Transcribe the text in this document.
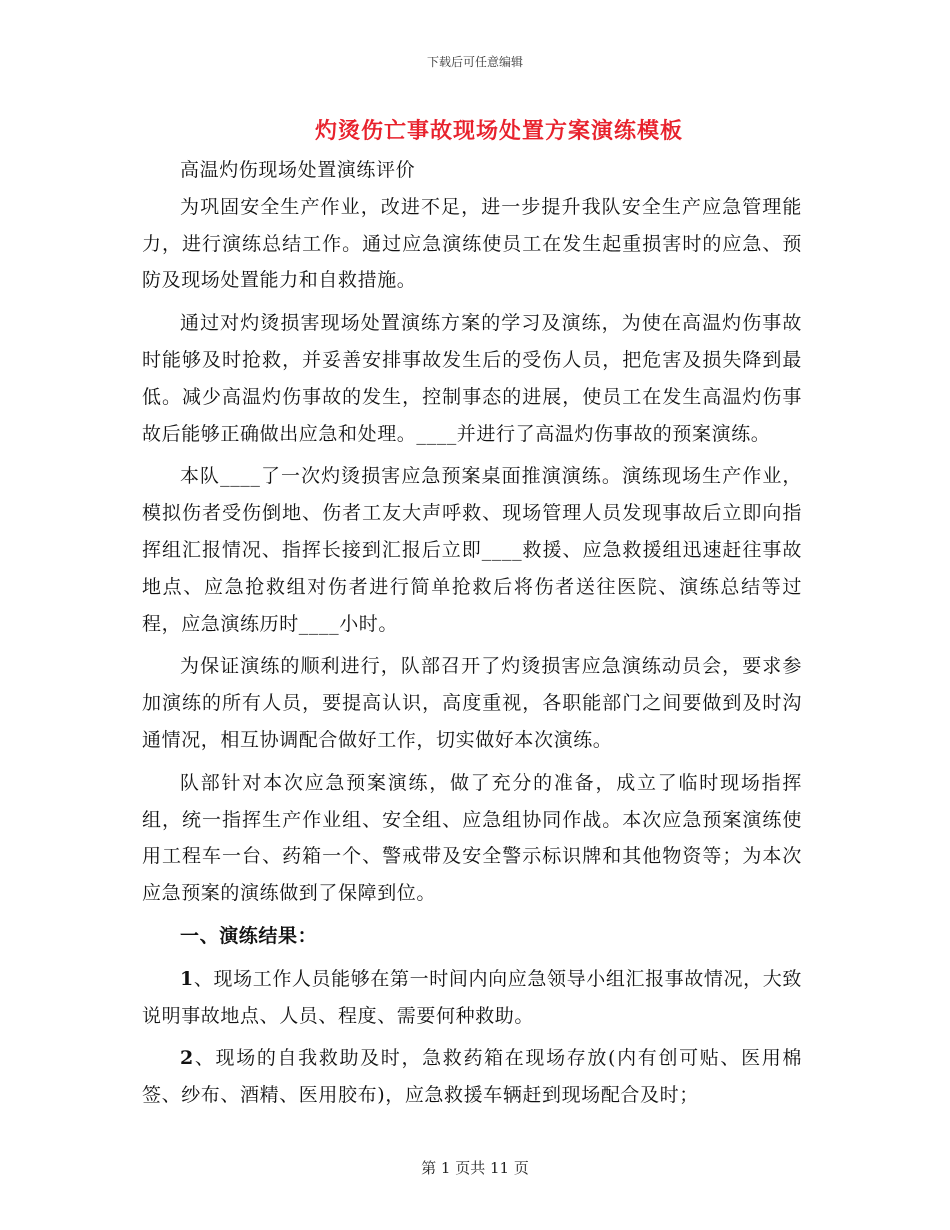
下载后可任意编辑
灼烫伤亡事故现场处置方案演练模板

高温灼伤现场处置演练评价

为巩固安全生产作业，改进不足，进一步提升我队安全生产应急管理能力，进行演练总结工作。通过应急演练使员工在发生起重损害时的应急、预防及现场处置能力和自救措施。

通过对灼烫损害现场处置演练方案的学习及演练，为使在高温灼伤事故时能够及时抢救，并妥善安排事故发生后的受伤人员，把危害及损失降到最低。减少高温灼伤事故的发生，控制事态的进展，使员工在发生高温灼伤事故后能够正确做出应急和处理。____并进行了高温灼伤事故的预案演练。

本队____了一次灼烫损害应急预案桌面推演演练。演练现场生产作业，模拟伤者受伤倒地、伤者工友大声呼救、现场管理人员发现事故后立即向指挥组汇报情况、指挥长接到汇报后立即____救援、应急救援组迅速赶往事故地点、应急抢救组对伤者进行简单抢救后将伤者送往医院、演练总结等过程，应急演练历时____小时。

为保证演练的顺利进行，队部召开了灼烫损害应急演练动员会，要求参加演练的所有人员，要提高认识，高度重视，各职能部门之间要做到及时沟通情况，相互协调配合做好工作，切实做好本次演练。

队部针对本次应急预案演练，做了充分的准备，成立了临时现场指挥组，统一指挥生产作业组、安全组、应急组协同作战。本次应急预案演练使用工程车一台、药箱一个、警戒带及安全警示标识牌和其他物资等；为本次应急预案的演练做到了保障到位。

一、演练结果：

1、现场工作人员能够在第一时间内向应急领导小组汇报事故情况，大致说明事故地点、人员、程度、需要何种救助。

2、现场的自我救助及时，急救药箱在现场存放(内有创可贴、医用棉签、纱布、酒精、医用胶布)，应急救援车辆赶到现场配合及时；

第 1 页共 11 页
